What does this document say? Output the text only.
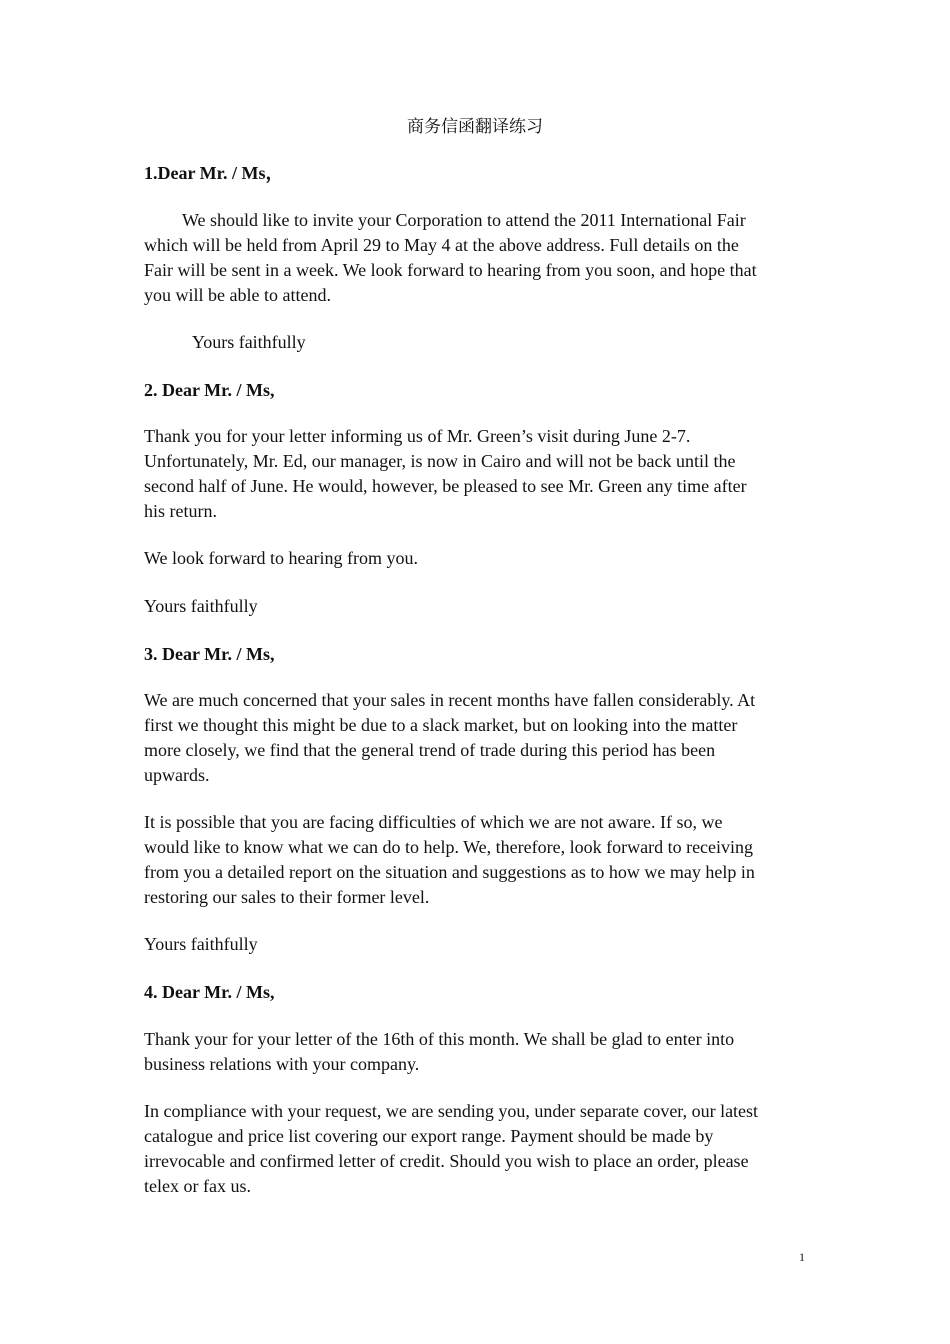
商务信函翻译练习

1.Dear Mr. / Ms，

We should like to invite your Corporation to attend the 2011 International Fair

which will be held from April 29 to May 4 at the above address. Full details on the

Fair will be sent in a week. We look forward to hearing from you soon, and hope that

you will be able to attend.

Yours faithfully

2. Dear Mr. / Ms,

Thank you for your letter informing us of Mr. Green’s visit during June 2-7.

Unfortunately, Mr. Ed, our manager, is now in Cairo and will not be back until the

second half of June. He would, however, be pleased to see Mr. Green any time after

his return.

We look forward to hearing from you.

Yours faithfully

3. Dear Mr. / Ms,

We are much concerned that your sales in recent months have fallen considerably. At

first we thought this might be due to a slack market, but on looking into the matter

more closely, we find that the general trend of trade during this period has been

upwards.

It is possible that you are facing difficulties of which we are not aware. If so, we

would like to know what we can do to help. We, therefore, look forward to receiving

from you a detailed report on the situation and suggestions as to how we may help in

restoring our sales to their former level.

Yours faithfully

4. Dear Mr. / Ms,

Thank your for your letter of the 16th of this month. We shall be glad to enter into

business relations with your company.

In compliance with your request, we are sending you, under separate cover, our latest

catalogue and price list covering our export range. Payment should be made by

irrevocable and confirmed letter of credit. Should you wish to place an order, please

telex or fax us.

1
